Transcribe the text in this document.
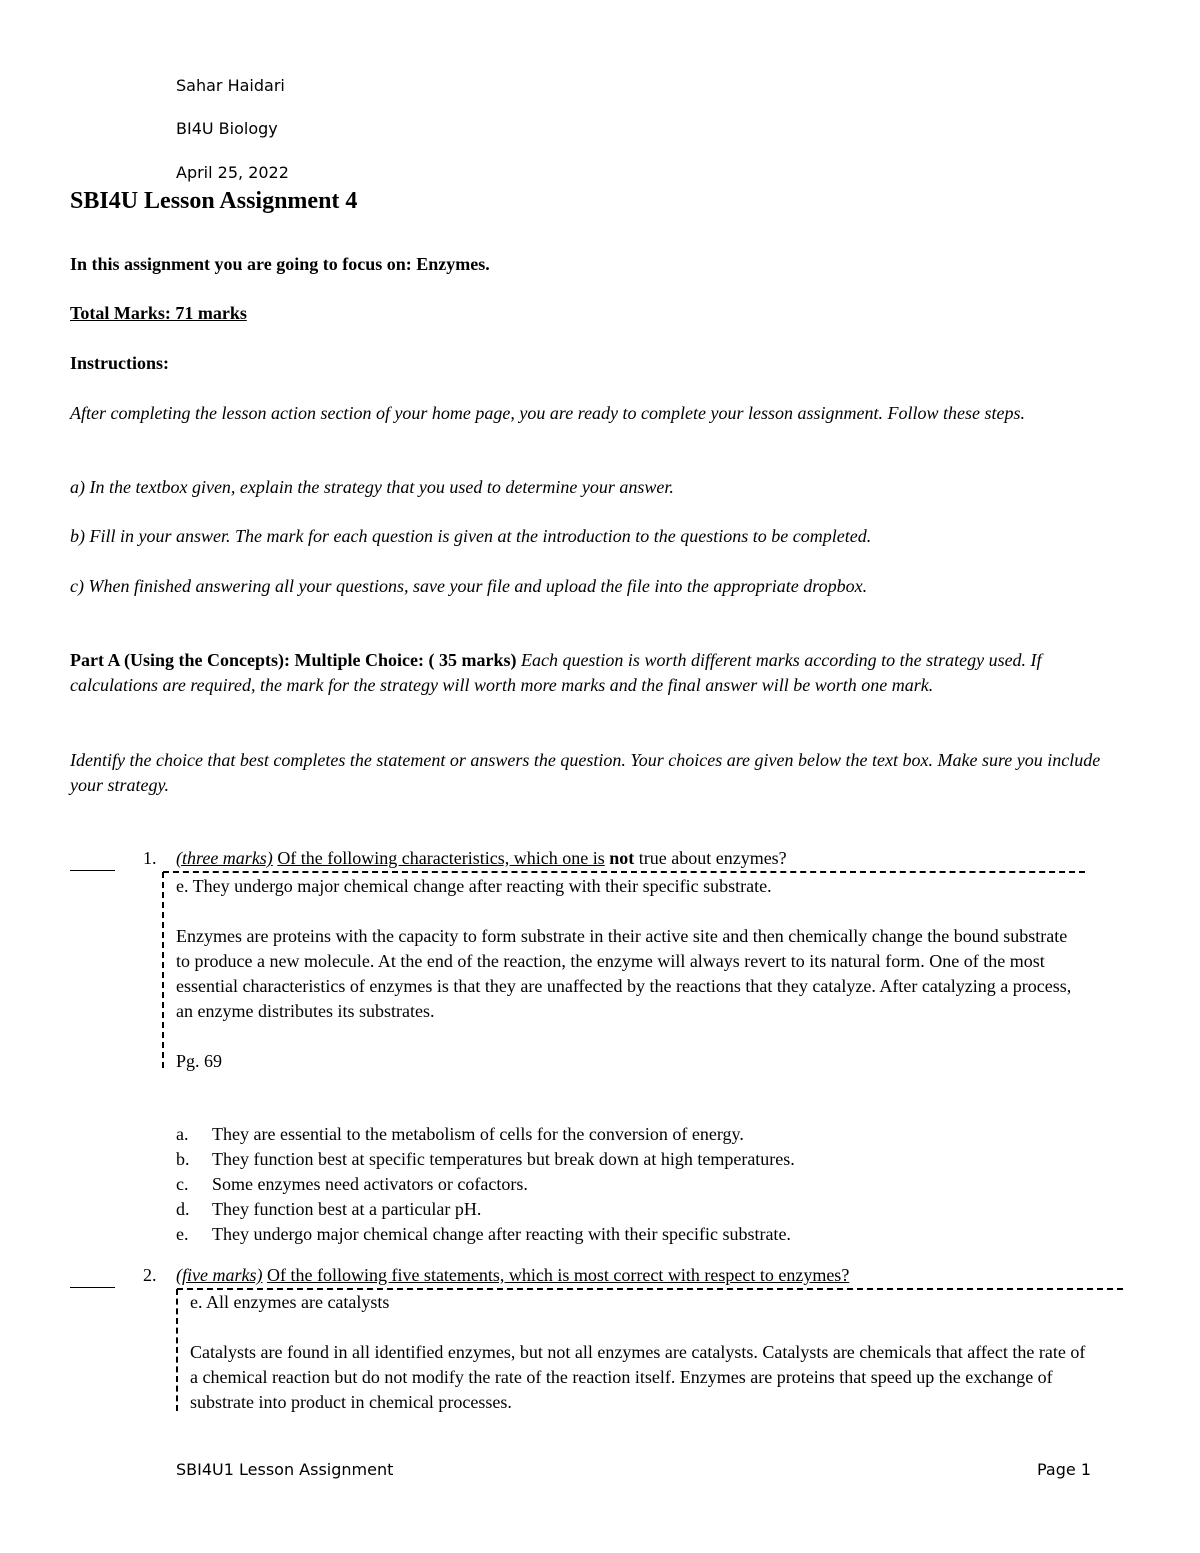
Sahar Haidari
BI4U Biology
April 25, 2022
SBI4U Lesson Assignment 4
In this assignment you are going to focus on: Enzymes.
Total Marks: 71 marks
Instructions:
After completing the lesson action section of your home page, you are ready to complete your lesson assignment. Follow these steps.
a) In the textbox given, explain the strategy that you used to determine your answer.
b) Fill in your answer. The mark for each question is given at the introduction to the questions to be completed.
c) When finished answering all your questions, save your file and upload the file into the appropriate dropbox.
Part A (Using the Concepts): Multiple Choice: ( 35 marks) Each question is worth different marks according to the strategy used. If calculations are required, the mark for the strategy will worth more marks and the final answer will be worth one mark.
Identify the choice that best completes the statement or answers the question. Your choices are given below the text box. Make sure you include your strategy.
1. (three marks) Of the following characteristics, which one is not true about enzymes?
e. They undergo major chemical change after reacting with their specific substrate.
Enzymes are proteins with the capacity to form substrate in their active site and then chemically change the bound substrate to produce a new molecule. At the end of the reaction, the enzyme will always revert to its natural form. One of the most essential characteristics of enzymes is that they are unaffected by the reactions that they catalyze. After catalyzing a process, an enzyme distributes its substrates.
Pg. 69
a.	They are essential to the metabolism of cells for the conversion of energy.
b.	They function best at specific temperatures but break down at high temperatures.
c.	Some enzymes need activators or cofactors.
d.	They function best at a particular pH.
e.	They undergo major chemical change after reacting with their specific substrate.
2. (five marks) Of the following five statements, which is most correct with respect to enzymes?
e. All enzymes are catalysts
Catalysts are found in all identified enzymes, but not all enzymes are catalysts. Catalysts are chemicals that affect the rate of a chemical reaction but do not modify the rate of the reaction itself. Enzymes are proteins that speed up the exchange of substrate into product in chemical processes.
SBI4U1 Lesson Assignment	Page 1
